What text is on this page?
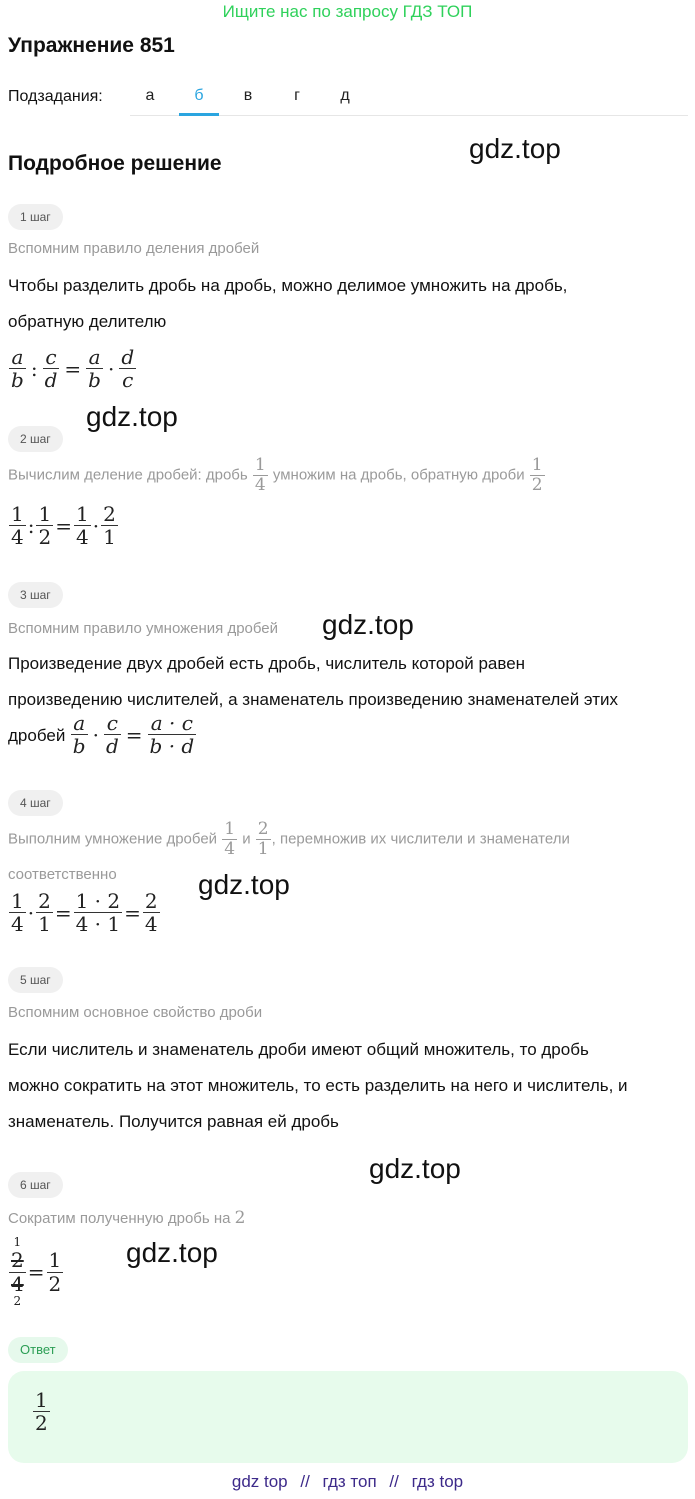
Ищите нас по запросу ГДЗ ТОП
Упражнение 851
Подзадания:	а	б	в	г	д
Подробное решение	gdz.top
gdz.top
gdz.top
gdz.top
gdz.top
gdz.top
1 шаг
Вспомним правило деления дробей
Чтобы разделить дробь на дробь, можно делимое умножить на дробь,
обратную делителю
$\frac{a}{b}$ : $\frac{c}{d} = \frac{a}{b} \cdot \frac{d}{c}$
2 шаг
Вычислим деление дробей: дробь $\frac{1}{4}$ умножим на дробь, обратную дроби $\frac{1}{2}$
$\frac{1}{4}$ : $\frac{1}{2} = \frac{1}{4} \cdot \frac{2}{1}$
3 шаг
Вспомним правило умножения дробей
Произведение двух дробей есть дробь, числитель которой равен
произведению числителей, а знаменатель произведению знаменателей этих
дробей $\frac{a}{b} \cdot \frac{c}{d} = \frac{a \cdot c}{b \cdot d}$
4 шаг
Выполним умножение дробей $\frac{1}{4}$ и $\frac{2}{1}$ , перемножив их числители и знаменатели
соответственно
$\frac{1}{4} \cdot \frac{2}{1} = \frac{1 \cdot 2}{4 \cdot 1} = \frac{2}{4}$
5 шаг
Вспомним основное свойство дроби
Если числитель и знаменатель дроби имеют общий множитель, то дробь
можно сократить на этот множитель, то есть разделить на него и числитель, и
знаменатель. Получится равная ей дробь
6 шаг
Сократим полученную дробь на 2
1
2
4
2
= $\frac{1}{2}$
Ответ
$\frac{1}{2}$
gdz top // гдз топ // гдз top
